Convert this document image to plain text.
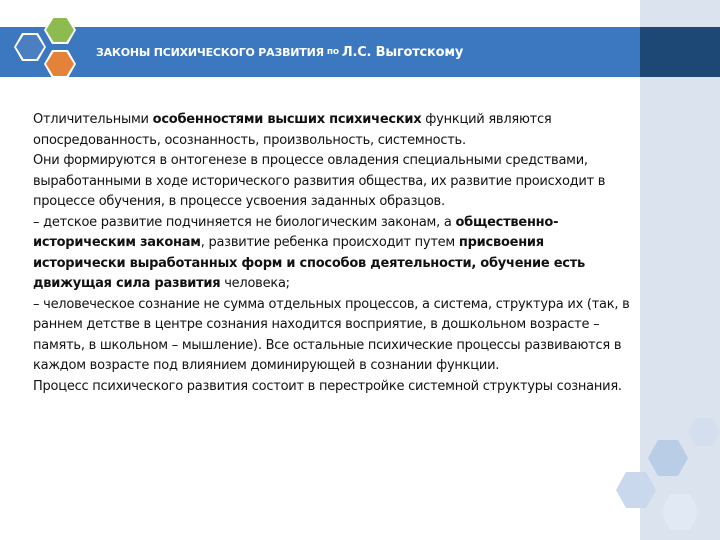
ЗАКОНЫ ПСИХИЧЕСКОГО РАЗВИТИЯ по Л.С. Выготскому

Отличительными особенностями высших психических функций являются опосредованность, осознанность, произвольность, системность.

Они формируются в онтогенезе в процессе овладения специальными средствами, выработанными в ходе исторического развития общества, их развитие происходит в процессе обучения, в процессе усвоения заданных образцов.

– детское развитие подчиняется не биологическим законам, а общественно-историческим законам, развитие ребенка происходит путем присвоения исторически выработанных форм и способов деятельности, обучение есть движущая сила развития человека;

– человеческое сознание не сумма отдельных процессов, а система, структура их (так, в раннем детстве в центре сознания находится восприятие, в дошкольном возрасте – память, в школьном – мышление). Все остальные психические процессы развиваются в каждом возрасте под влиянием доминирующей в сознании функции.

Процесс психического развития состоит в перестройке системной структуры сознания.
